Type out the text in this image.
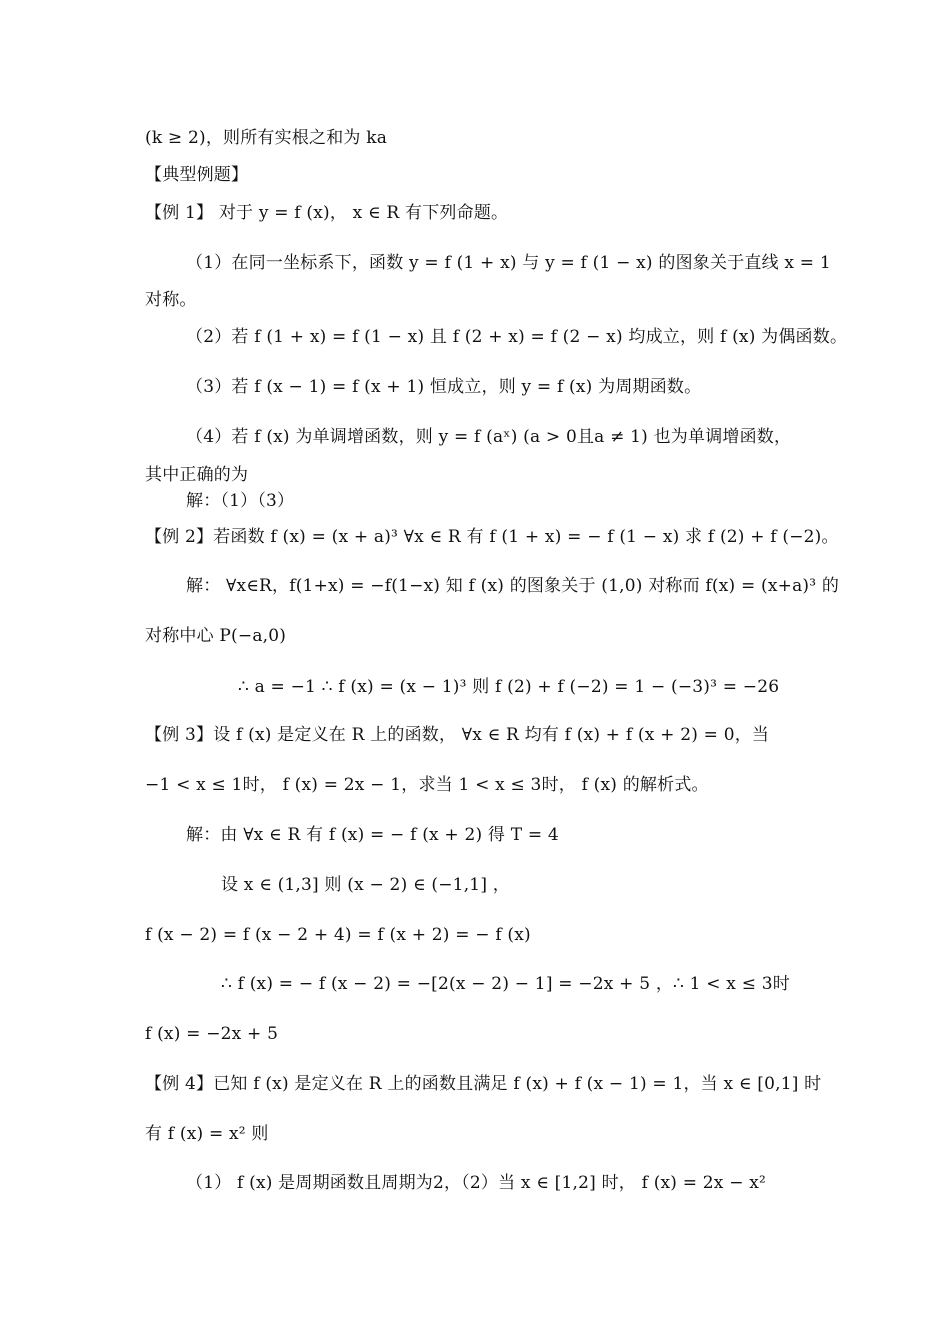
(k ≥ 2)，则所有实根之和为 ka
【典型例题】
【例 1】 对于 y = f (x)， x ∈ R 有下列命题。
（1）在同一坐标系下，函数 y = f (1 + x) 与 y = f (1 − x) 的图象关于直线 x = 1
对称。
（2）若 f (1 + x) = f (1 − x) 且 f (2 + x) = f (2 − x) 均成立，则 f (x) 为偶函数。
（3）若 f (x − 1) = f (x + 1) 恒成立，则 y = f (x) 为周期函数。
（4）若 f (x) 为单调增函数，则 y = f (aˣ) (a > 0且a ≠ 1) 也为单调增函数，
其中正确的为
解：（1）（3）
【例 2】若函数 f (x) = (x + a)³ ∀x ∈ R 有 f (1 + x) = − f (1 − x) 求 f (2) + f (−2)。
解： ∀x∈R，f(1+x) = −f(1−x) 知 f (x) 的图象关于 (1,0) 对称而 f(x) = (x+a)³ 的
对称中心 P(−a,0)
∴ a = −1 ∴ f (x) = (x − 1)³ 则 f (2) + f (−2) = 1 − (−3)³ = −26
【例 3】设 f (x) 是定义在 R 上的函数， ∀x ∈ R 均有 f (x) + f (x + 2) = 0，当
−1 < x ≤ 1时， f (x) = 2x − 1，求当 1 < x ≤ 3时， f (x) 的解析式。
解：由 ∀x ∈ R 有 f (x) = − f (x + 2) 得 T = 4
设 x ∈ (1,3] 则 (x − 2) ∈ (−1,1] ，
f (x − 2) = f (x − 2 + 4) = f (x + 2) = − f (x)
∴ f (x) = − f (x − 2) = −[2(x − 2) − 1] = −2x + 5 ，∴ 1 < x ≤ 3时
f (x) = −2x + 5
【例 4】已知 f (x) 是定义在 R 上的函数且满足 f (x) + f (x − 1) = 1，当 x ∈ [0,1] 时
有 f (x) = x² 则
（1） f (x) 是周期函数且周期为2，（2）当 x ∈ [1,2] 时， f (x) = 2x − x²
